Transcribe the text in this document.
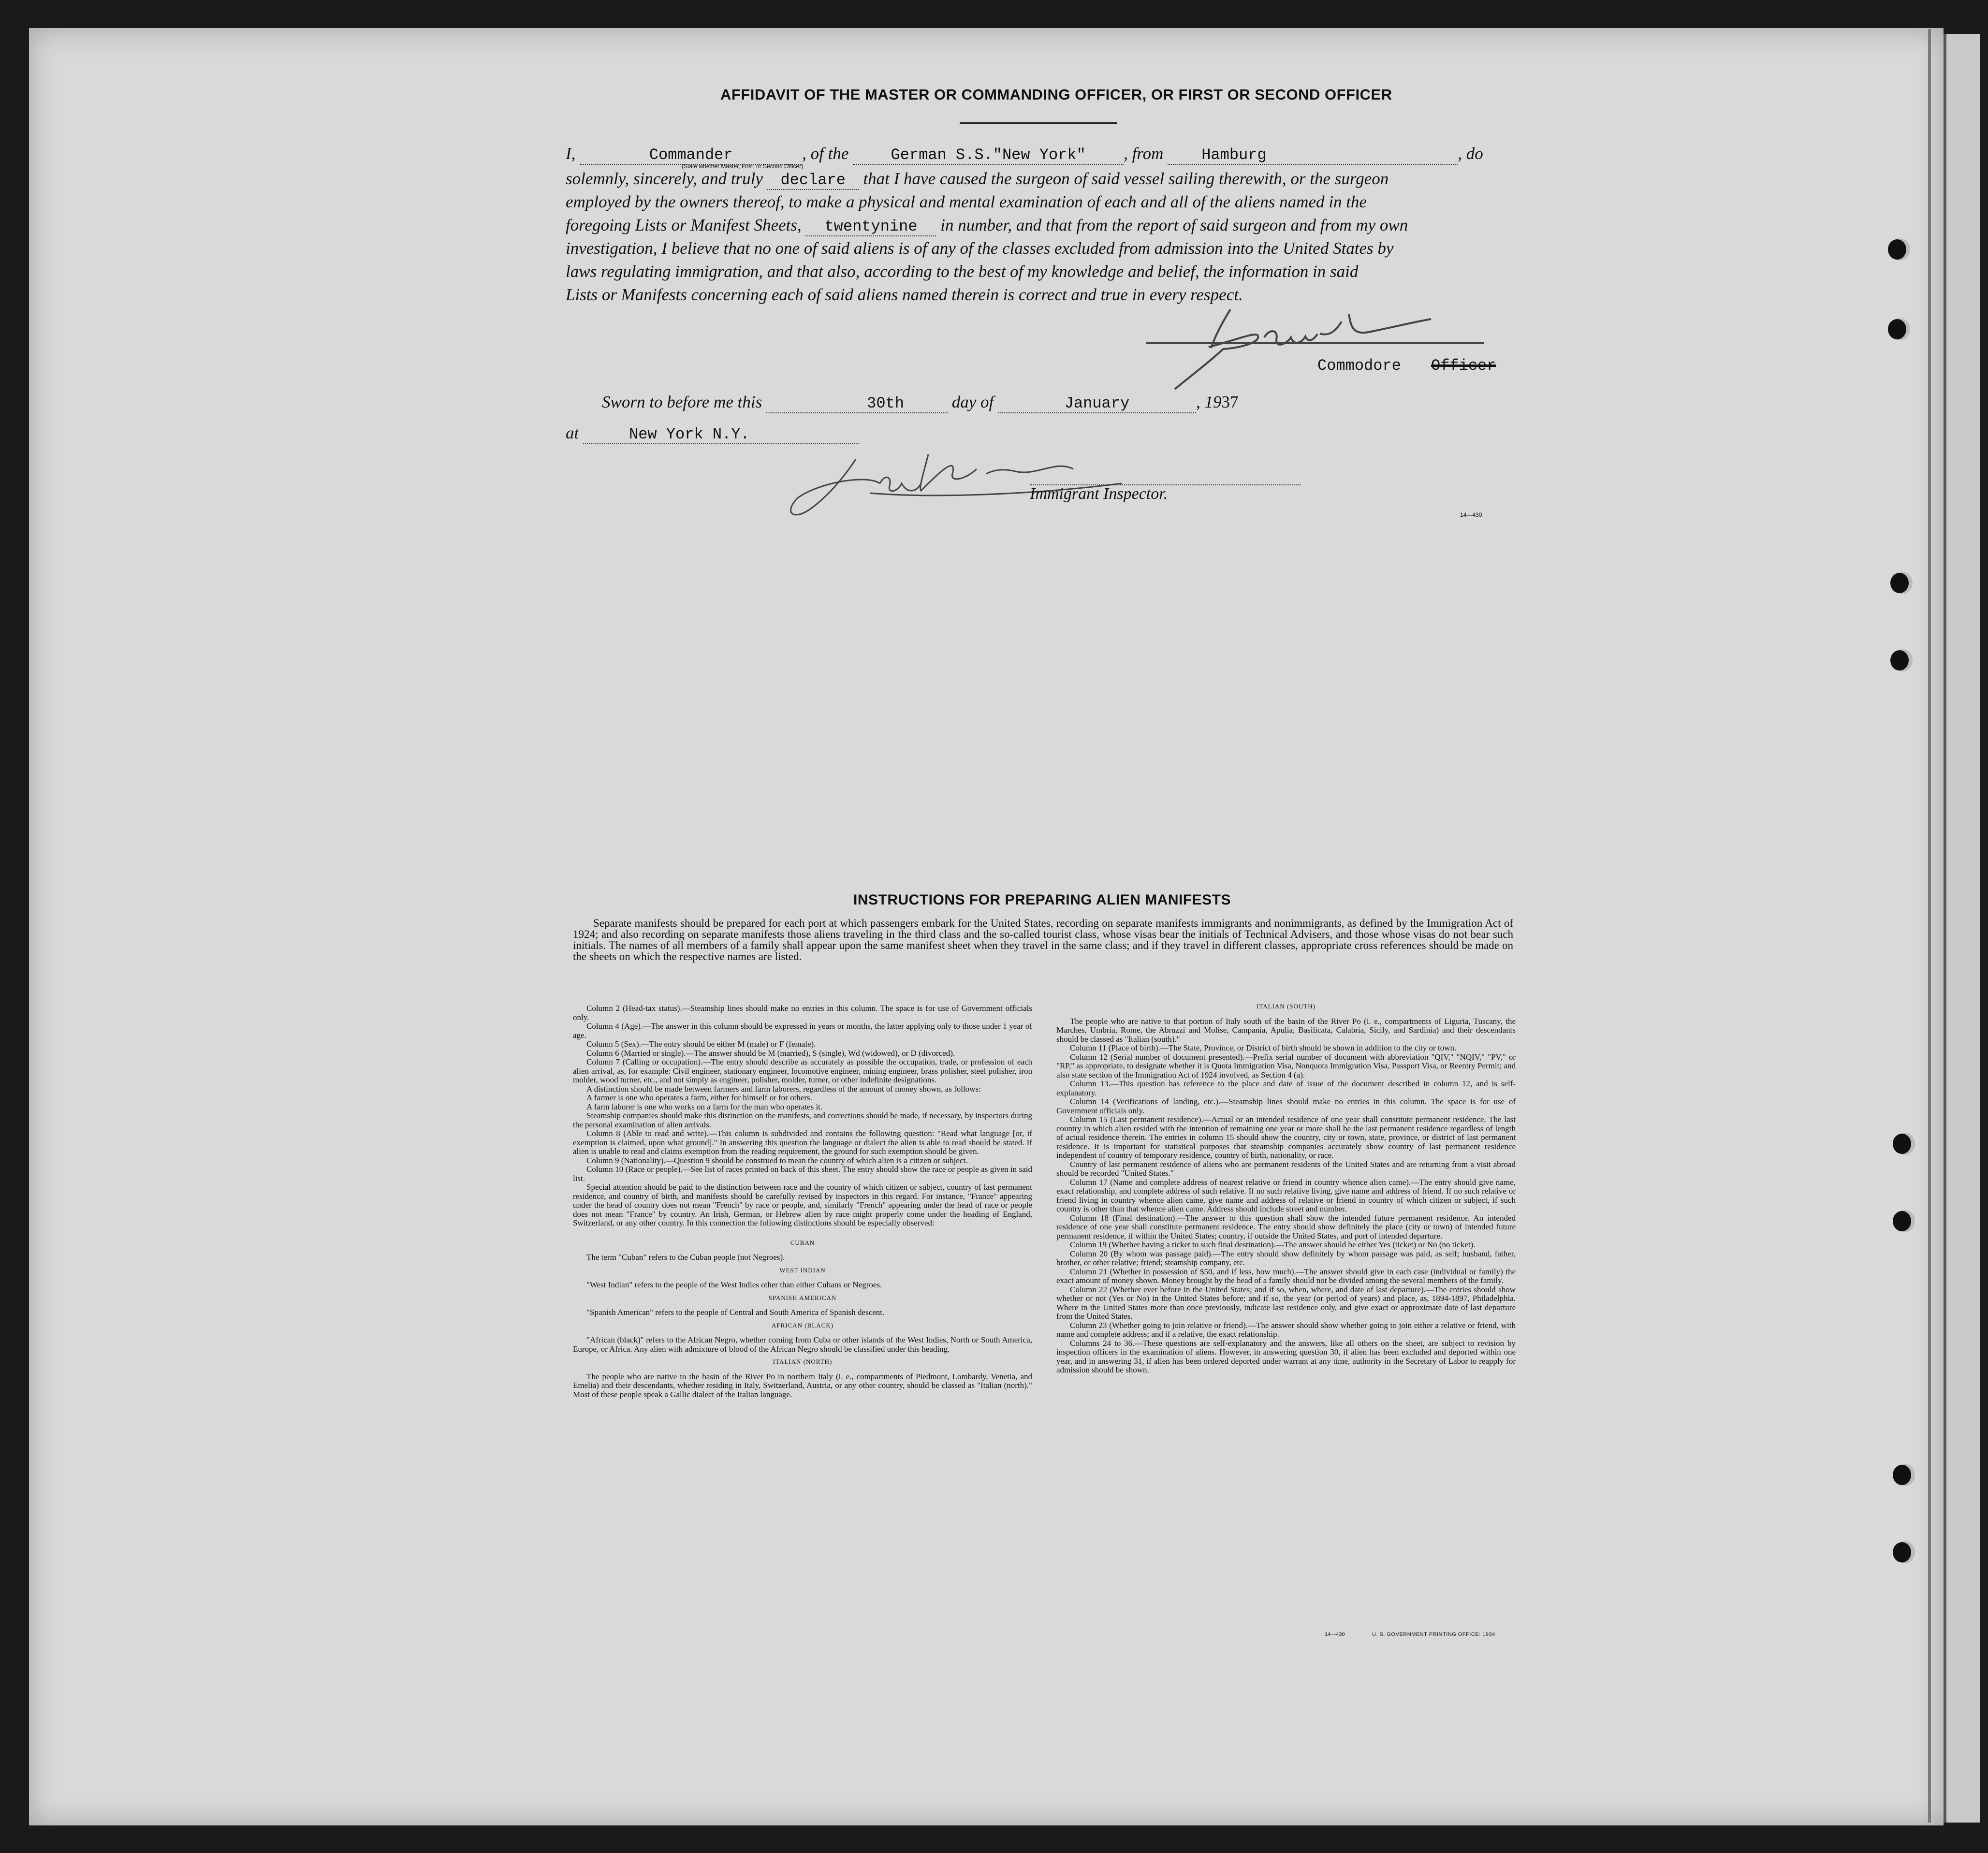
AFFIDAVIT OF THE MASTER OR COMMANDING OFFICER, OR FIRST OR SECOND OFFICER
I,	Commander	, of the	German S.S."New York" , from Hamburg	, do
(State whether Master, First, or Second Officer)
solemnly, sincerely, and truly declare that I have caused the surgeon of said vessel sailing therewith, or the surgeon
employed by the owners thereof, to make a physical and mental examination of each and all of the aliens named in the
foregoing Lists or Manifest Sheets, twentynine in number, and that from the report of said surgeon and from my own
investigation, I believe that no one of said aliens is of any of the classes excluded from admission into the United States by
laws regulating immigration, and that also, according to the best of my knowledge and belief, the information in said
Lists or Manifests concerning each of said aliens named therein is correct and true in every respect.
Commodore Officer
Sworn to before me this	30th	day of	January	, 1937
at	New York N.Y.
Immigrant Inspector.
14—430
INSTRUCTIONS FOR PREPARING ALIEN MANIFESTS
Separate manifests should be prepared for each port at which passengers embark for the United States, recording on separate manifests immigrants and nonimmigrants, as defined by the Immigration Act of 1924; and also recording on separate manifests those aliens traveling in the third class and the so-called tourist class, whose visas bear the initials of Technical Advisers, and those whose visas do not bear such initials. The names of all members of a family shall appear upon the same manifest sheet when they travel in the same class; and if they travel in different classes, appropriate cross references should be made on the sheets on which the respective names are listed.

Column 2 (Head-tax status).—Steamship lines should make no entries in this column. The space is for use of Government officials only.

Column 4 (Age).—The answer in this column should be expressed in years or months, the latter applying only to those under 1 year of age.

Column 5 (Sex).—The entry should be either M (male) or F (female).

Column 6 (Married or single).—The answer should be M (married), S (single), Wd (widowed), or D (divorced).

Column 7 (Calling or occupation).—The entry should describe as accurately as possible the occupation, trade, or profession of each alien arrival, as, for example: Civil engineer, stationary engineer, locomotive engineer, mining engineer, brass polisher, steel polisher, iron molder, wood turner, etc., and not simply as engineer, polisher, molder, turner, or other indefinite designations.

A distinction should be made between farmers and farm laborers, regardless of the amount of money shown, as follows:

A farmer is one who operates a farm, either for himself or for others.

A farm laborer is one who works on a farm for the man who operates it.

Steamship companies should make this distinction on the manifests, and corrections should be made, if necessary, by inspectors during the personal examination of alien arrivals.

Column 8 (Able to read and write).—This column is subdivided and contains the following question: "Read what language [or, if exemption is claimed, upon what ground]." In answering this question the language or dialect the alien is able to read should be stated. If alien is unable to read and claims exemption from the reading requirement, the ground for such exemption should be given.

Column 9 (Nationality).—Question 9 should be construed to mean the country of which alien is a citizen or subject.

Column 10 (Race or people).—See list of races printed on back of this sheet. The entry should show the race or people as given in said list.

Special attention should be paid to the distinction between race and the country of which citizen or subject, country of last permanent residence, and country of birth, and manifests should be carefully revised by inspectors in this regard. For instance, "France" appearing under the head of country does not mean "French" by race or people, and, similarly "French" appearing under the head of race or people does not mean "France" by country. An Irish, German, or Hebrew alien by race might properly come under the heading of England, Switzerland, or any other country. In this connection the following distinctions should be especially observed:

CUBAN

The term "Cuban" refers to the Cuban people (not Negroes).

WEST INDIAN

"West Indian" refers to the people of the West Indies other than either Cubans or Negroes.

SPANISH AMERICAN

"Spanish American" refers to the people of Central and South America of Spanish descent.

AFRICAN (BLACK)

"African (black)" refers to the African Negro, whether coming from Cuba or other islands of the West Indies, North or South America, Europe, or Africa. Any alien with admixture of blood of the African Negro should be classified under this heading.

ITALIAN (NORTH)

The people who are native to the basin of the River Po in northern Italy (i. e., compartments of Piedmont, Lombardy, Venetia, and Emelia) and their descendants, whether residing in Italy, Switzerland, Austria, or any other country, should be classed as "Italian (north)." Most of these people speak a Gallic dialect of the Italian language.

ITALIAN (SOUTH)

The people who are native to that portion of Italy south of the basin of the River Po (i. e., compartments of Liguria, Tuscany, the Marches, Umbria, Rome, the Abruzzi and Molise, Campania, Apulia, Basilicata, Calabria, Sicily, and Sardinia) and their descendants should be classed as "Italian (south)."

Column 11 (Place of birth).—The State, Province, or District of birth should be shown in addition to the city or town.

Column 12 (Serial number of document presented).—Prefix serial number of document with abbreviation "QIV," "NQIV," "PV," or "RP," as appropriate, to designate whether it is Quota Immigration Visa, Nonquota Immigration Visa, Passport Visa, or Reentry Permit; and also state section of the Immigration Act of 1924 involved, as Section 4 (a).

Column 13.—This question has reference to the place and date of issue of the document described in column 12, and is self-explanatory.

Column 14 (Verifications of landing, etc.).—Steamship lines should make no entries in this column. The space is for use of Government officials only.

Column 15 (Last permanent residence).—Actual or an intended residence of one year shall constitute permanent residence. The last country in which alien resided with the intention of remaining one year or more shall be the last permanent residence regardless of length of actual residence therein. The entries in column 15 should show the country, city or town, state, province, or district of last permanent residence. It is important for statistical purposes that steamship companies accurately show country of last permanent residence independent of country of temporary residence, country of birth, nationality, or race.

Country of last permanent residence of aliens who are permanent residents of the United States and are returning from a visit abroad should be recorded "United States."

Column 17 (Name and complete address of nearest relative or friend in country whence alien came).—The entry should give name, exact relationship, and complete address of such relative. If no such relative living, give name and address of friend. If no such relative or friend living in country whence alien came, give name and address of relative or friend in country of which citizen or subject, if such country is other than that whence alien came. Address should include street and number.

Column 18 (Final destination).—The answer to this question shall show the intended future permanent residence. An intended residence of one year shall constitute permanent residence. The entry should show definitely the place (city or town) of intended future permanent residence, if within the United States; country, if outside the United States, and port of intended departure.

Column 19 (Whether having a ticket to such final destination).—The answer should be either Yes (ticket) or No (no ticket).

Column 20 (By whom was passage paid).—The entry should show definitely by whom passage was paid, as self; husband, father, brother, or other relative; friend; steamship company, etc.

Column 21 (Whether in possession of $50, and if less, how much).—The answer should give in each case (individual or family) the exact amount of money shown. Money brought by the head of a family should not be divided among the several members of the family.

Column 22 (Whether ever before in the United States; and if so, when, where, and date of last departure).—The entries should show whether or not (Yes or No) in the United States before; and if so, the year (or period of years) and place, as, 1894-1897, Philadelphia. Where in the United States more than once previously, indicate last residence only, and give exact or approximate date of last departure from the United States.

Column 23 (Whether going to join relative or friend).—The answer should show whether going to join either a relative or friend, with name and complete address; and if a relative, the exact relationship.

Columns 24 to 36.—These questions are self-explanatory and the answers, like all others on the sheet, are subject to revision by inspection officers in the examination of aliens. However, in answering question 30, if alien has been excluded and deported within one year, and in answering 31, if alien has been ordered deported under warrant at any time, authority in the Secretary of Labor to reapply for admission should be shown.

14—430	U. S. GOVERNMENT PRINTING OFFICE: 1934
